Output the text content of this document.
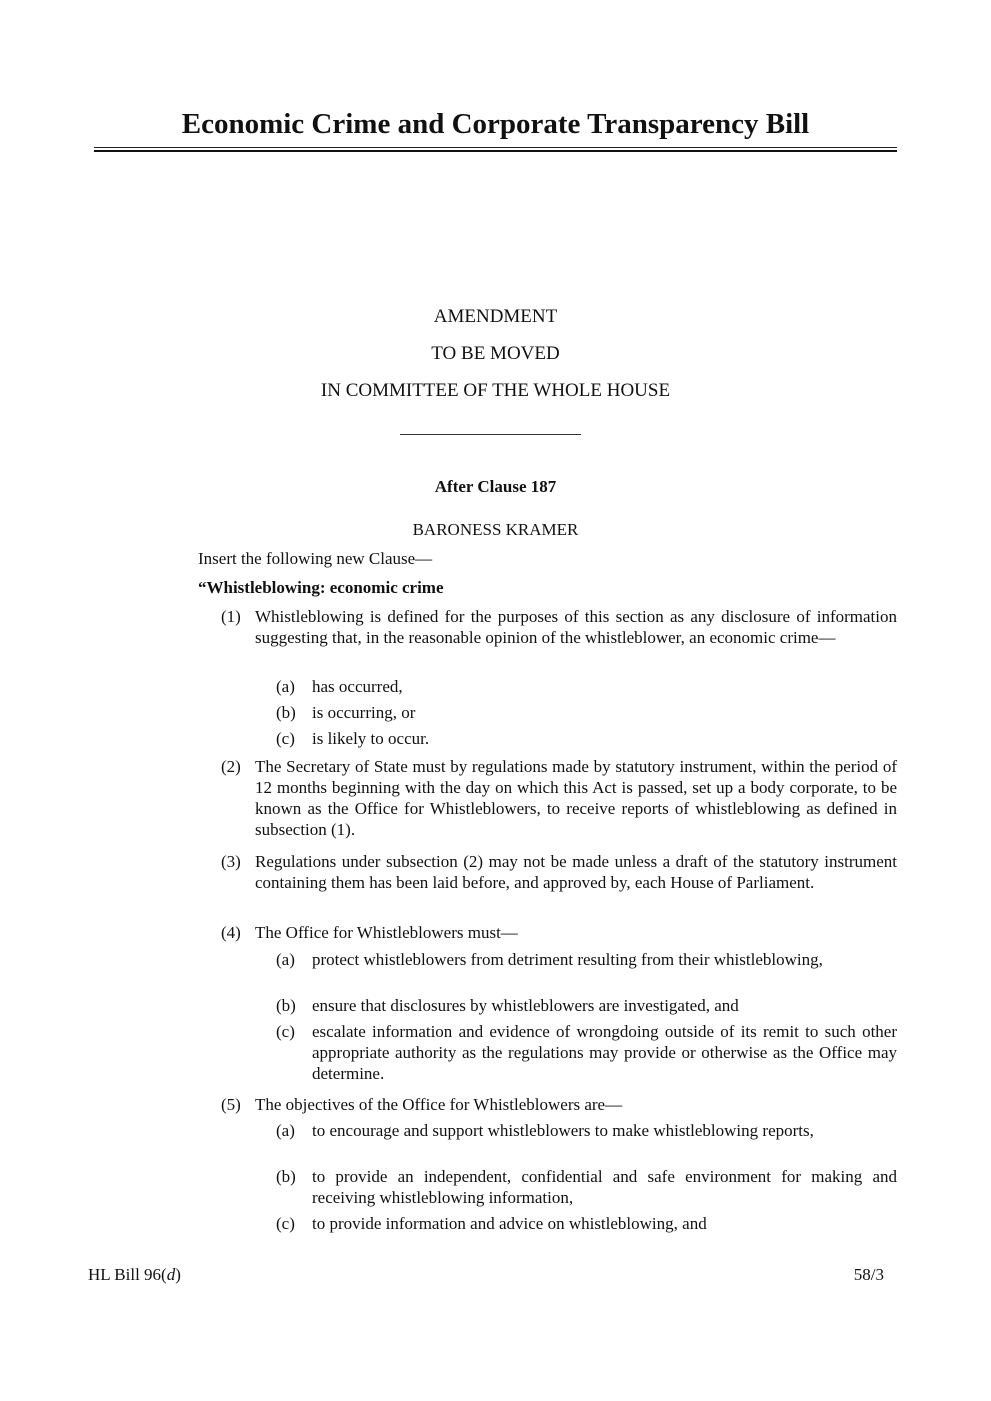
Economic Crime and Corporate Transparency Bill
AMENDMENT
TO BE MOVED
IN COMMITTEE OF THE WHOLE HOUSE
After Clause 187
BARONESS KRAMER
Insert the following new Clause—
“Whistleblowing: economic crime
(1) Whistleblowing is defined for the purposes of this section as any disclosure of information suggesting that, in the reasonable opinion of the whistleblower, an economic crime—
(a)	has occurred,
(b) is occurring, or
(c)	is likely to occur.
(2) The Secretary of State must by regulations made by statutory instrument, within the period of 12 months beginning with the day on which this Act is passed, set up a body corporate, to be known as the Office for Whistleblowers, to receive reports of whistleblowing as defined in subsection (1).
(3) Regulations under subsection (2) may not be made unless a draft of the statutory instrument containing them has been laid before, and approved by, each House of Parliament.
(4) The Office for Whistleblowers must—
(a)	protect whistleblowers from detriment resulting from their whistleblowing,
(b) ensure that disclosures by whistleblowers are investigated, and
(c)	escalate information and evidence of wrongdoing outside of its remit to such other appropriate authority as the regulations may provide or otherwise as the Office may determine.
(5) The objectives of the Office for Whistleblowers are—
(a)	to encourage and support whistleblowers to make whistleblowing reports,
(b) to provide an independent, confidential and safe environment for making and receiving whistleblowing information,
(c)	to provide information and advice on whistleblowing, and
HL Bill 96(d)	58/3
